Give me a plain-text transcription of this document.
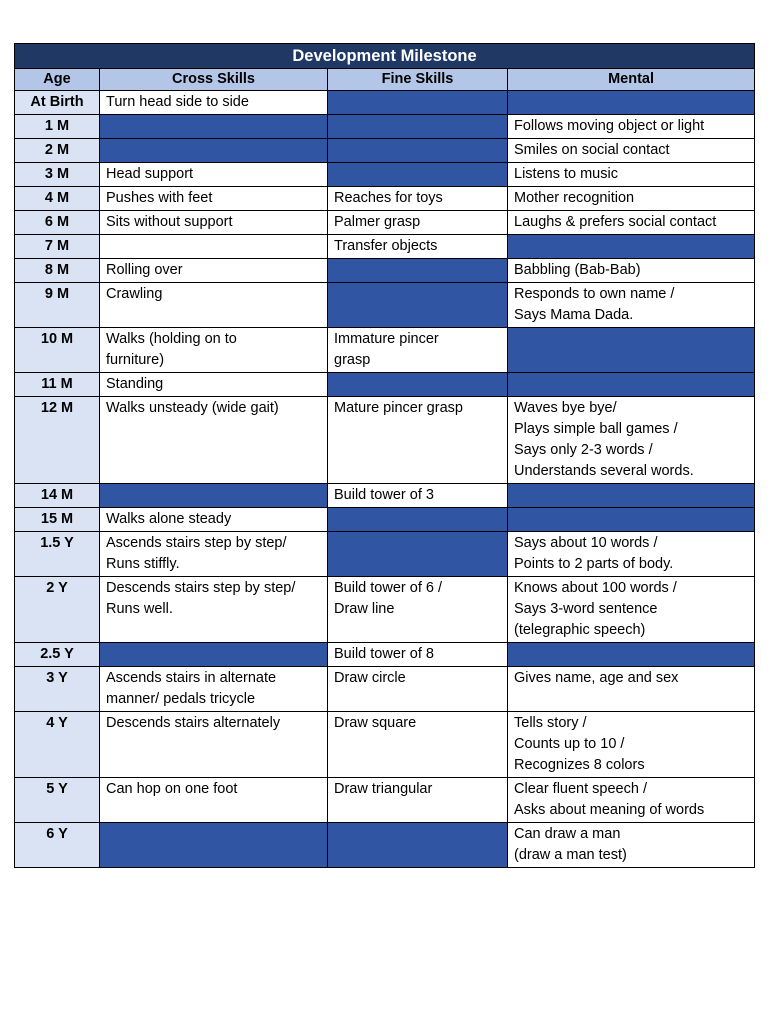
Development Milestone			
Age	Cross Skills	Fine Skills	Mental
At Birth	Turn head side to side		
1 M			Follows moving object or light
2 M			Smiles on social contact
3 M	Head support		Listens to music
4 M	Pushes with feet	Reaches for toys	Mother recognition
6 M	Sits without support	Palmer grasp	Laughs & prefers social contact
7 M		Transfer objects	
8 M	Rolling over		Babbling (Bab-Bab)
9 M	Crawling		Responds to own name /
Says Mama Dada.
10 M	Walks (holding on to
furniture)	Immature pincer
grasp	
11 M	Standing		
12 M	Walks unsteady (wide gait)	Mature pincer grasp	Waves bye bye/
Plays simple ball games /
Says only 2-3 words /
Understands several words.
14 M		Build tower of 3	
15 M	Walks alone steady		
1.5 Y	Ascends stairs step by step/
Runs stiffly.		Says about 10 words /
Points to 2 parts of body.
2 Y	Descends stairs step by step/
Runs well.	Build tower of 6 /
Draw line	Knows about 100 words /
Says 3-word sentence
(telegraphic speech)
2.5 Y		Build tower of 8	
3 Y	Ascends stairs in alternate
manner/ pedals tricycle	Draw circle	Gives name, age and sex
4 Y	Descends stairs alternately	Draw square	Tells story /
Counts up to 10 /
Recognizes 8 colors
5 Y	Can hop on one foot	Draw triangular	Clear fluent speech /
Asks about meaning of words
6 Y			Can draw a man
(draw a man test)
